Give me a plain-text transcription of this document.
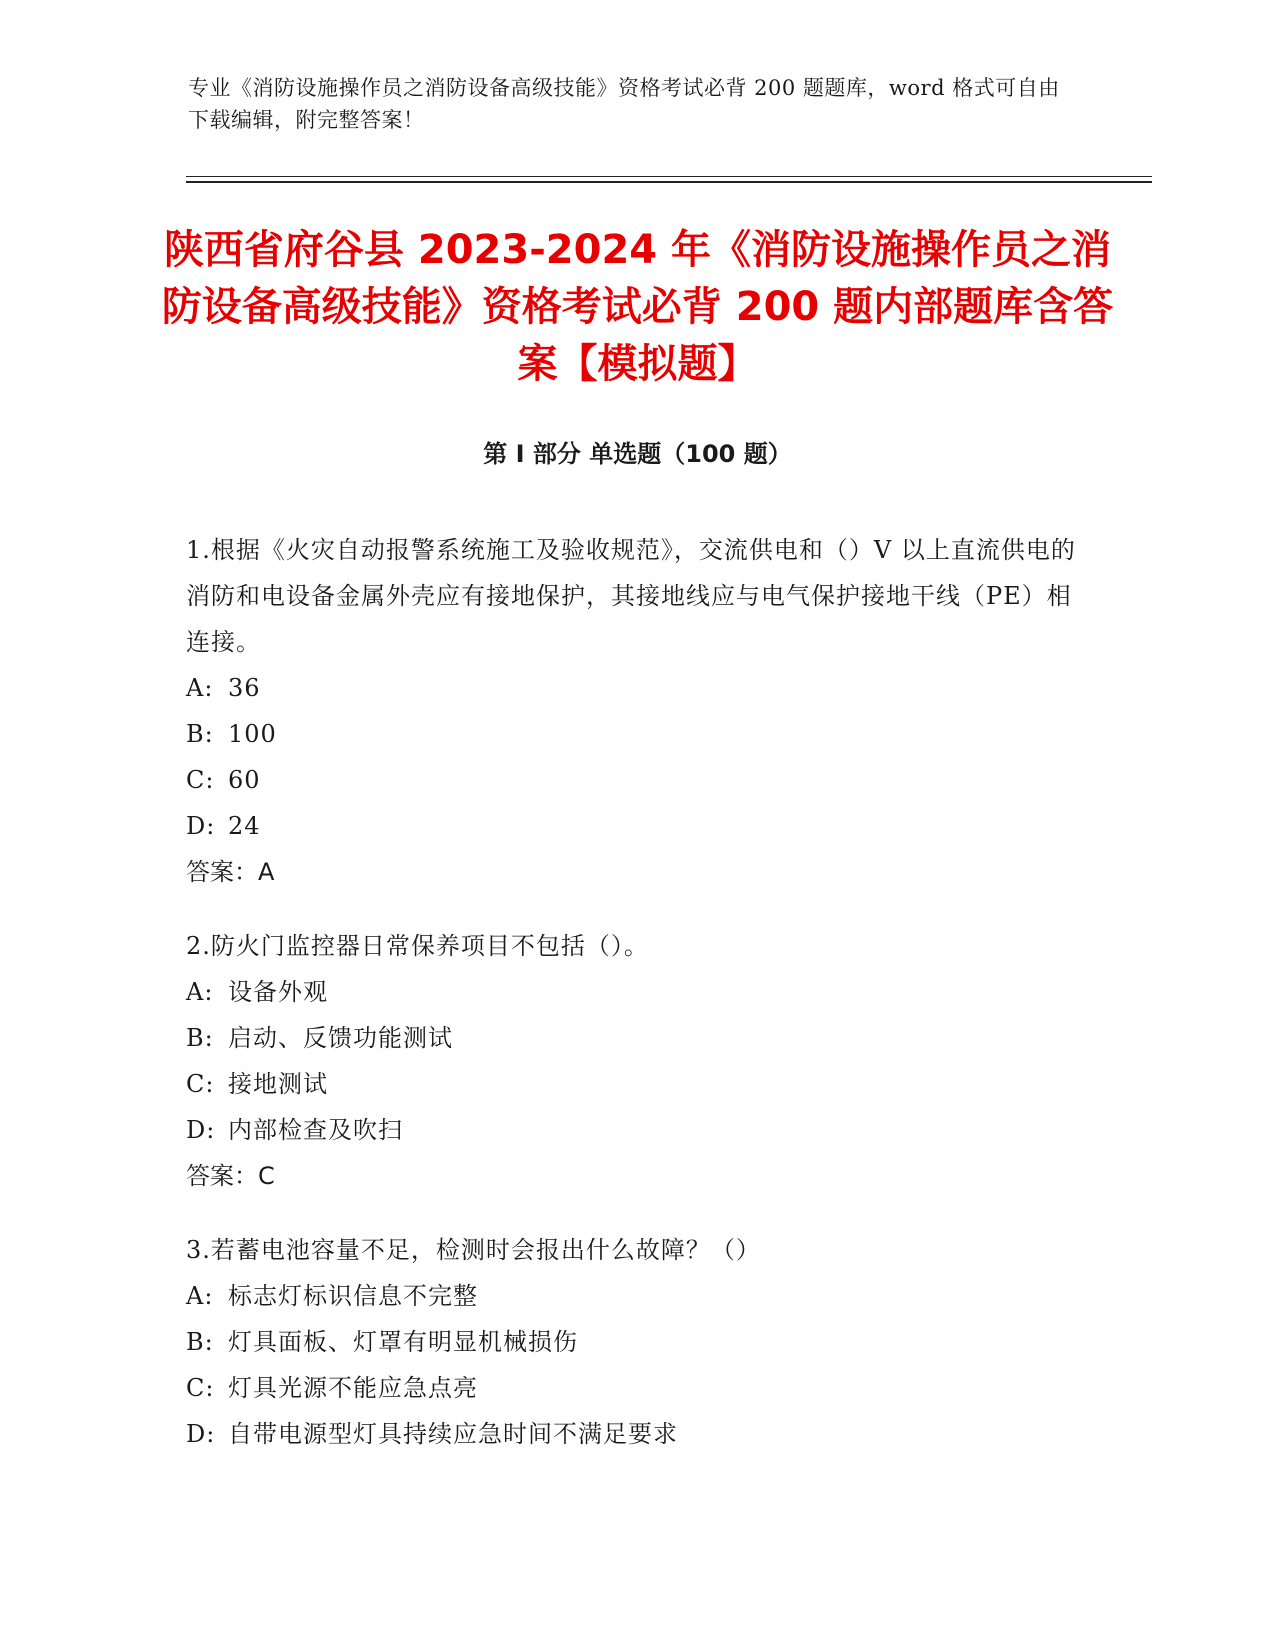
专业《消防设施操作员之消防设备高级技能》资格考试必背 200 题题库，word 格式可自由下载编辑，附完整答案！
陕西省府谷县 2023-2024 年《消防设施操作员之消防设备高级技能》资格考试必背 200 题内部题库含答案【模拟题】
第 I 部分 单选题（100 题）
1.根据《火灾自动报警系统施工及验收规范》，交流供电和（）V 以上直流供电的消防和电设备金属外壳应有接地保护，其接地线应与电气保护接地干线（PE）相连接。
A: 36
B: 100
C: 60
D: 24
答案：A
2.防火门监控器日常保养项目不包括（）。
A: 设备外观
B: 启动、反馈功能测试
C: 接地测试
D: 内部检查及吹扫
答案：C
3.若蓄电池容量不足，检测时会报出什么故障？（）
A: 标志灯标识信息不完整
B: 灯具面板、灯罩有明显机械损伤
C: 灯具光源不能应急点亮
D: 自带电源型灯具持续应急时间不满足要求
